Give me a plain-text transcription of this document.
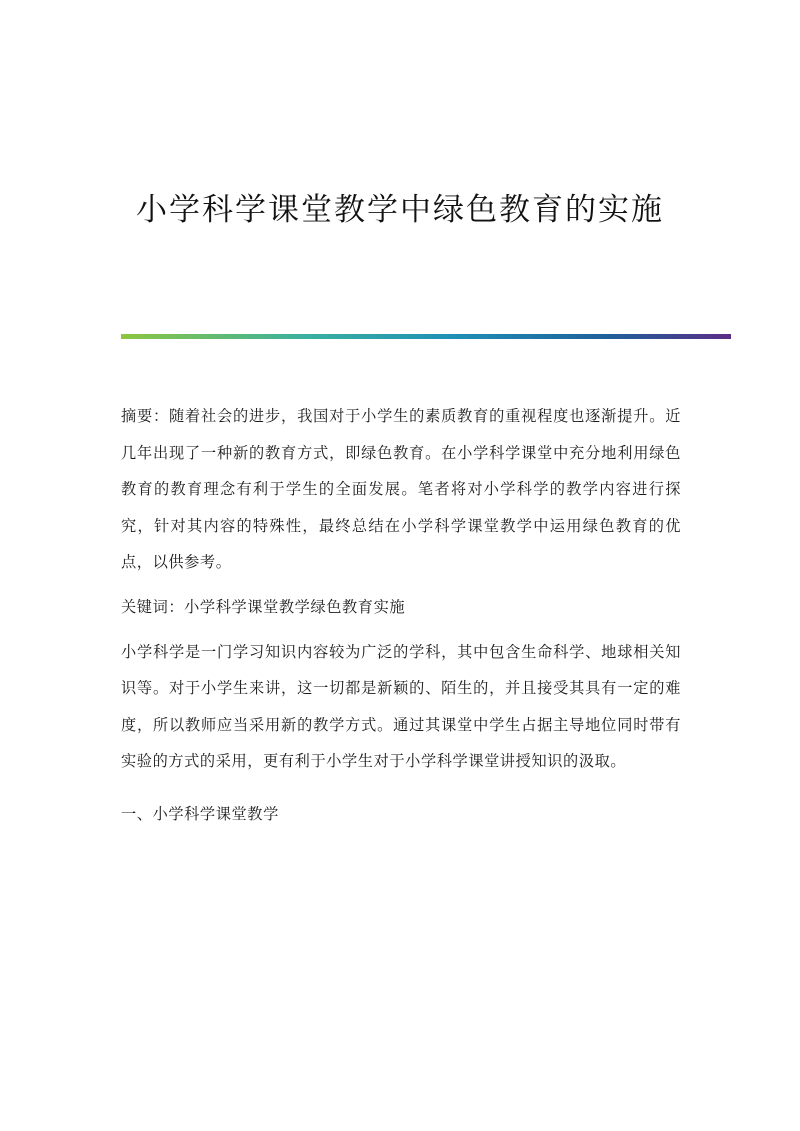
小学科学课堂教学中绿色教育的实施

摘要：随着社会的进步，我国对于小学生的素质教育的重视程度也逐渐提升。近几年出现了一种新的教育方式，即绿色教育。在小学科学课堂中充分地利用绿色教育的教育理念有利于学生的全面发展。笔者将对小学科学的教学内容进行探究，针对其内容的特殊性，最终总结在小学科学课堂教学中运用绿色教育的优点，以供参考。

关键词：小学科学课堂教学绿色教育实施

小学科学是一门学习知识内容较为广泛的学科，其中包含生命科学、地球相关知识等。对于小学生来讲，这一切都是新颖的、陌生的，并且接受其具有一定的难度，所以教师应当采用新的教学方式。通过其课堂中学生占据主导地位同时带有实验的方式的采用，更有利于小学生对于小学科学课堂讲授知识的汲取。

一、小学科学课堂教学
